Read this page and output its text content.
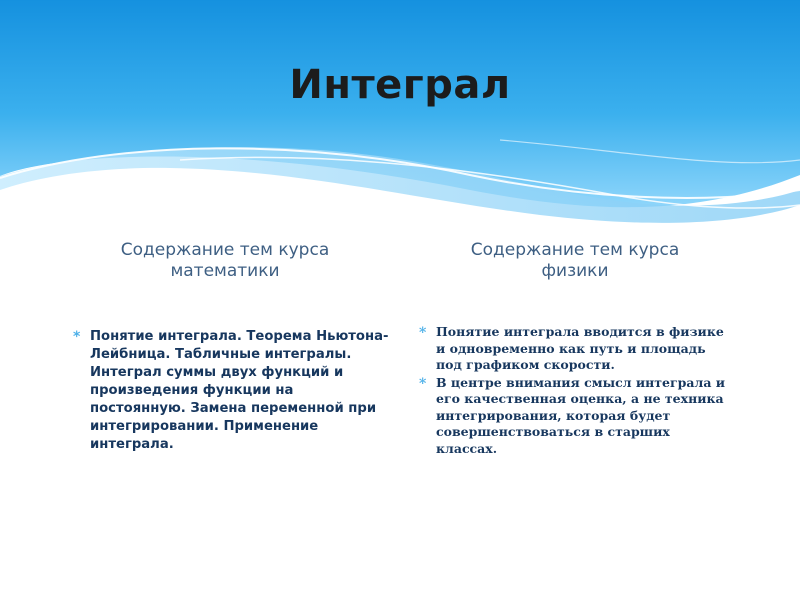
Интеграл
Содержание тем курса математики
Содержание тем курса физики
* Понятие интеграла. Теорема Ньютона- Лейбница. Табличные интегралы. Интеграл суммы двух функций и произведения функции на постоянную. Замена переменной при интегрировании. Применение интеграла.
* Понятие интеграла вводится в физике и одновременно как путь и площадь под графиком скорости.
* В центре внимания смысл интеграла и его качественная оценка, а не техника интегрирования, которая будет совершенствоваться в старших классах.
